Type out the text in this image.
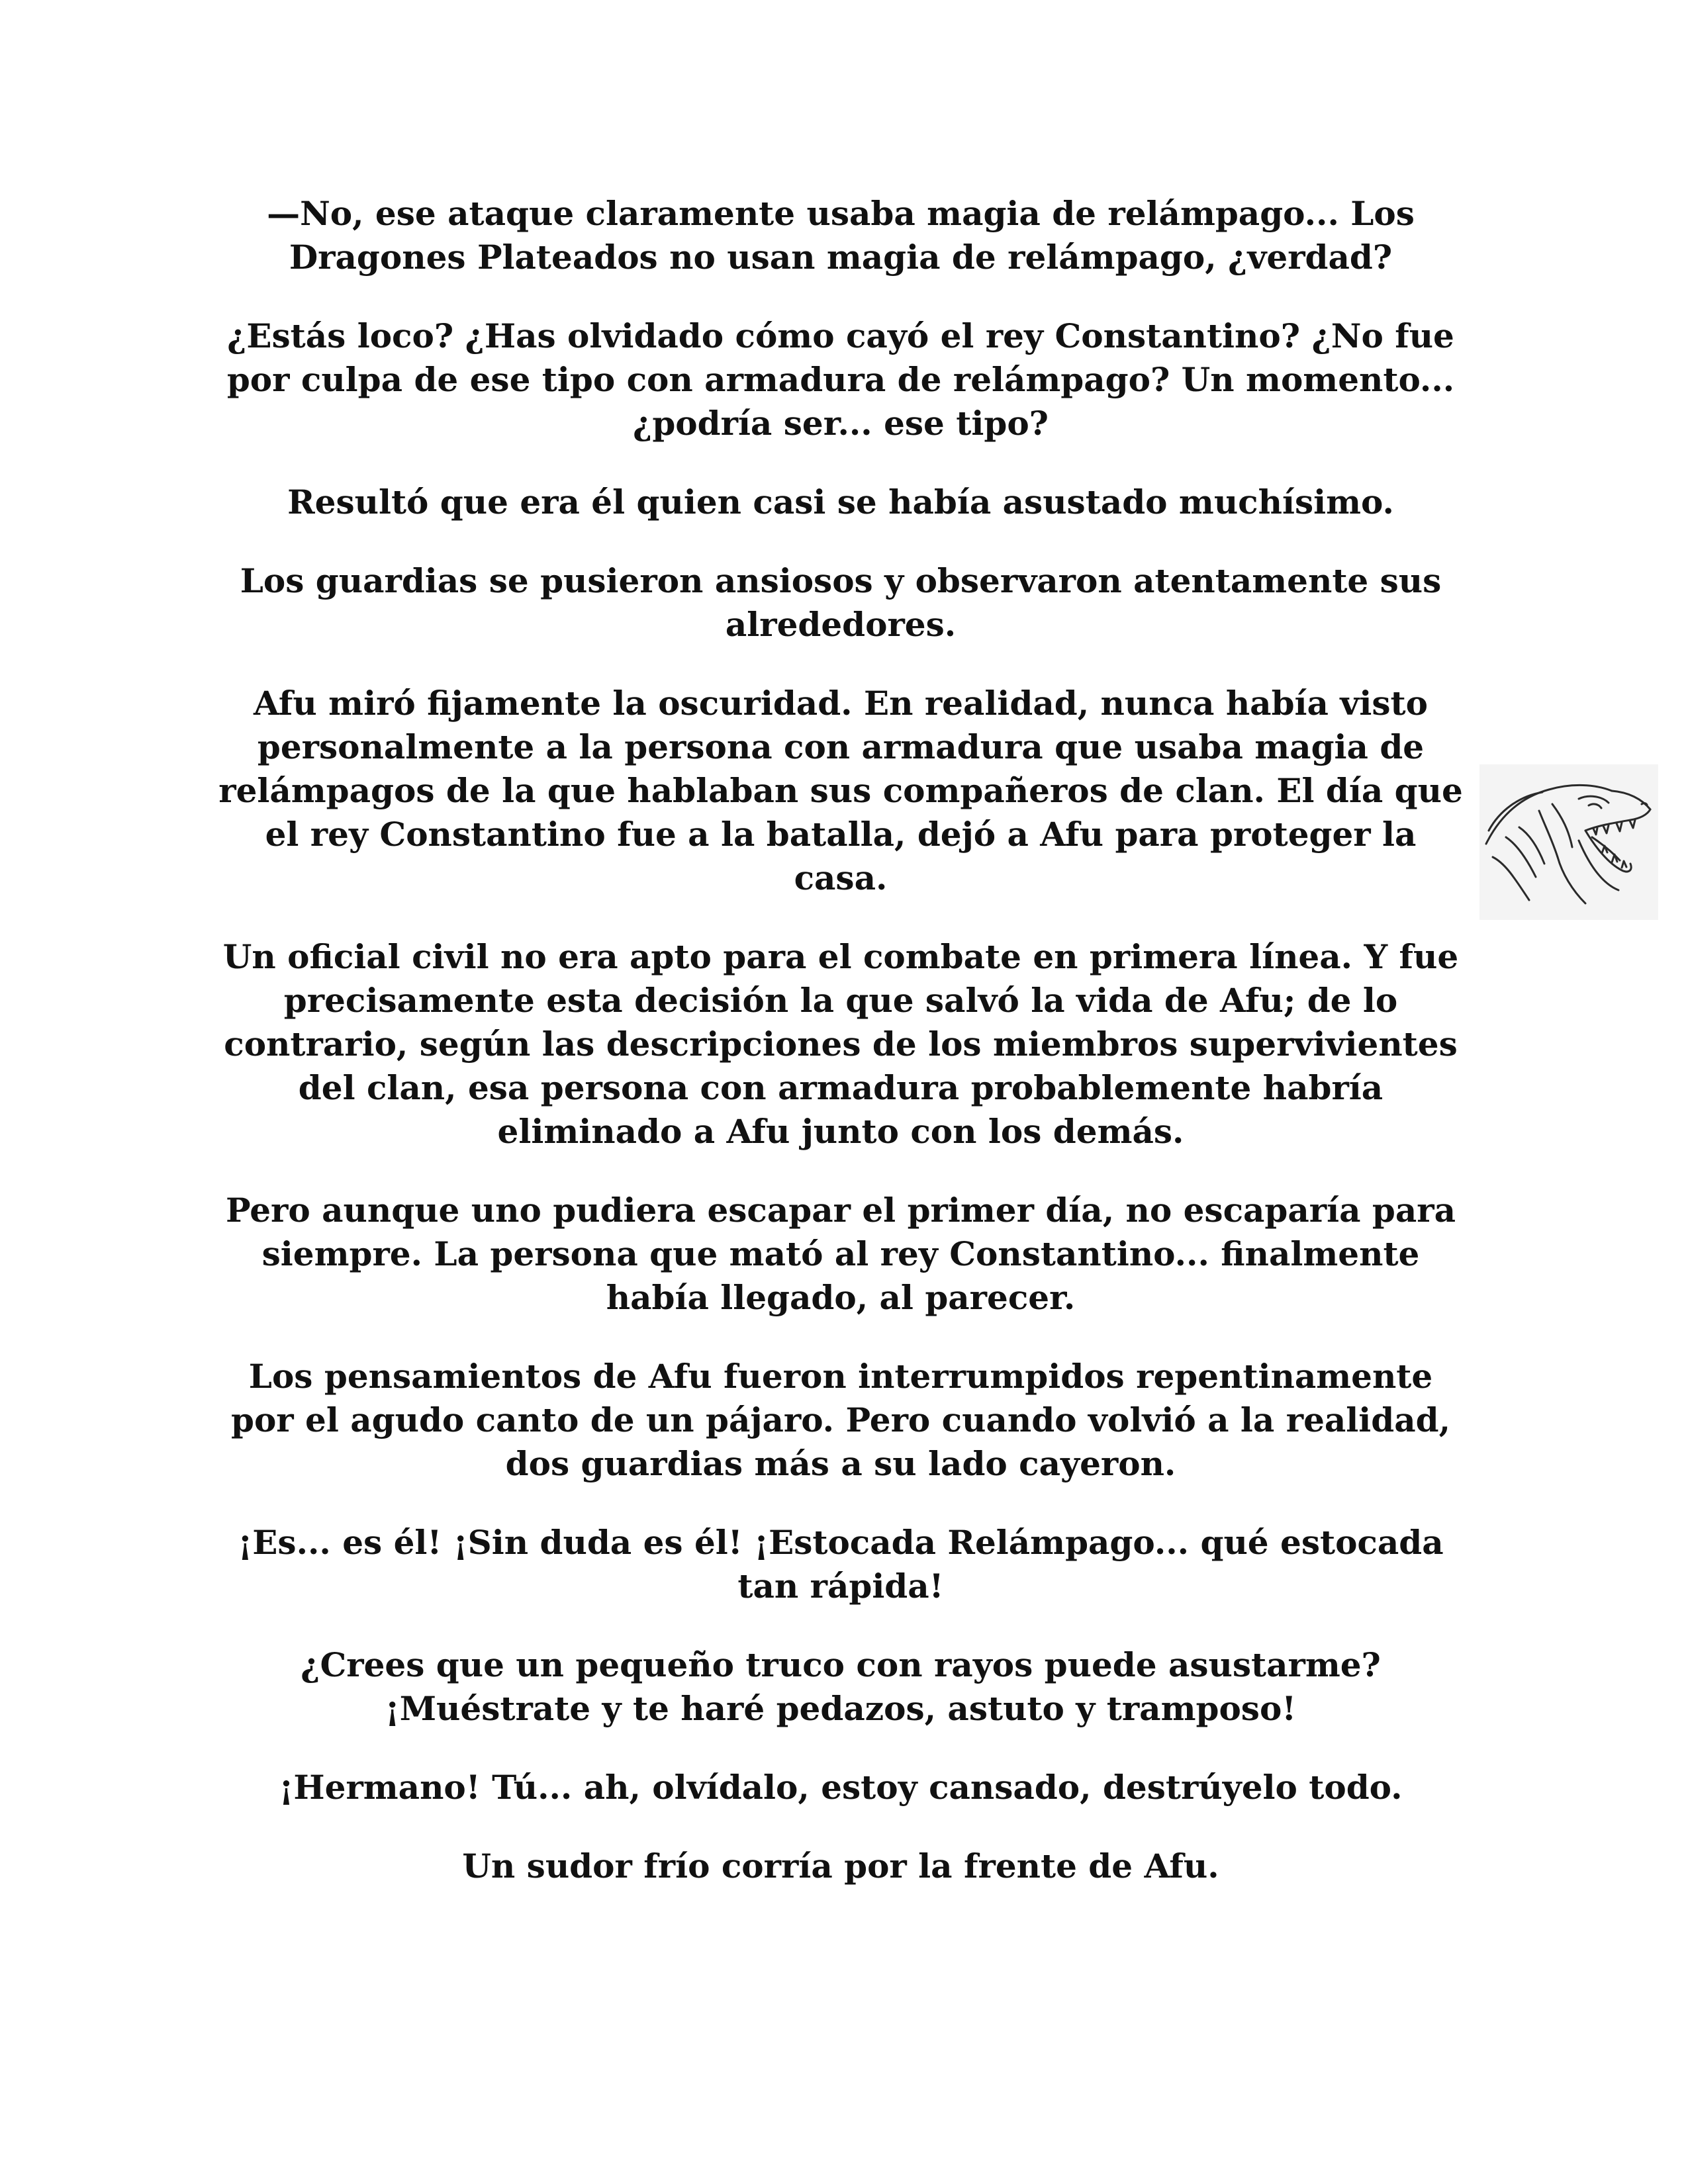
—No, ese ataque claramente usaba magia de relámpago... Los Dragones Plateados no usan magia de relámpago, ¿verdad?

¿Estás loco? ¿Has olvidado cómo cayó el rey Constantino? ¿No fue por culpa de ese tipo con armadura de relámpago? Un momento... ¿podría ser... ese tipo?

Resultó que era él quien casi se había asustado muchísimo.

Los guardias se pusieron ansiosos y observaron atentamente sus alrededores.

Afu miró fijamente la oscuridad. En realidad, nunca había visto personalmente a la persona con armadura que usaba magia de relámpagos de la que hablaban sus compañeros de clan. El día que el rey Constantino fue a la batalla, dejó a Afu para proteger la casa.

Un oficial civil no era apto para el combate en primera línea. Y fue precisamente esta decisión la que salvó la vida de Afu; de lo contrario, según las descripciones de los miembros supervivientes del clan, esa persona con armadura probablemente habría eliminado a Afu junto con los demás.

Pero aunque uno pudiera escapar el primer día, no escaparía para siempre. La persona que mató al rey Constantino... finalmente había llegado, al parecer.

Los pensamientos de Afu fueron interrumpidos repentinamente por el agudo canto de un pájaro. Pero cuando volvió a la realidad, dos guardias más a su lado cayeron.

¡Es... es él! ¡Sin duda es él! ¡Estocada Relámpago... qué estocada tan rápida!

¿Crees que un pequeño truco con rayos puede asustarme? ¡Muéstrate y te haré pedazos, astuto y tramposo!

¡Hermano! Tú... ah, olvídalo, estoy cansado, destrúyelo todo.

Un sudor frío corría por la frente de Afu.
